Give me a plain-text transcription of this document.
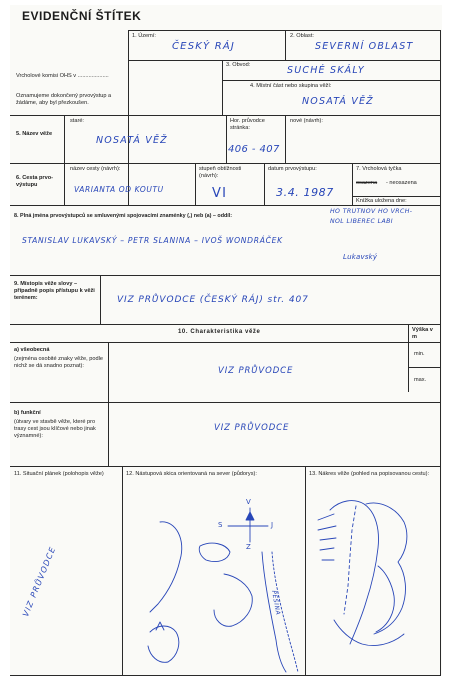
EVIDENČNÍ ŠTÍTEK
Vrcholové komisi OHS v ....................
Oznamujeme dokončený prvovýstup a žádáme, aby byl přezkoušen.
1. Území:
ČESKÝ RÁJ
2. Oblast:
SEVERNÍ OBLAST
3. Obvod:	SUCHÉ SKÁLY
4. Místní část nebo skupina věží:
NOSATÁ VĚŽ
5. Název věže
staré:
NOSATÁ VĚŽ
Hor. průvodce stránka:
406 - 407
nové (návrh):
6. Cesta prvo-výstupu
název cesty (návrh):
VARIANTA OD KOUTU
stupeň obtížnosti (návrh):
VI
datum prvovýstupu:
3.4. 1987
7. Vrcholová tyčka
osazena - neosazena
Knížka uložena dne:
8. Plná jména prvovýstupců se smluvenými spojovacími znaménky (,) neb (a) – oddíl:
HO TRUTNOV HO VRCH-
NOL LIBEREC LABI
STANISLAV LUKAVSKÝ – PETR SLANINA – IVOŠ WONDRÁČEK
Lukavský
9. Místopis věže slovy – případně popis přístupu k věži terénem:	VIZ PRŮVODCE (ČESKÝ RÁJ) str. 407
10. Charakteristika věže	Výška v m
min.
max.
a) všeobecná
(zejména osobité znaky věže, podle nichž se dá snadno poznat):
VIZ PRŮVODCE
b) funkční
(útvary ve stavbě věže, které pro trasy cest jsou klíčové nebo jinak významné):
VIZ PRŮVODCE
11. Situační plánek (polohopis věže)	12. Nástupová skica orientovaná na sever (půdorys):	13. Nákres věže (pohled na popisovanou cestu):
VIZ PRŮVODCE
V
Z
S	J
PĚŠINA
